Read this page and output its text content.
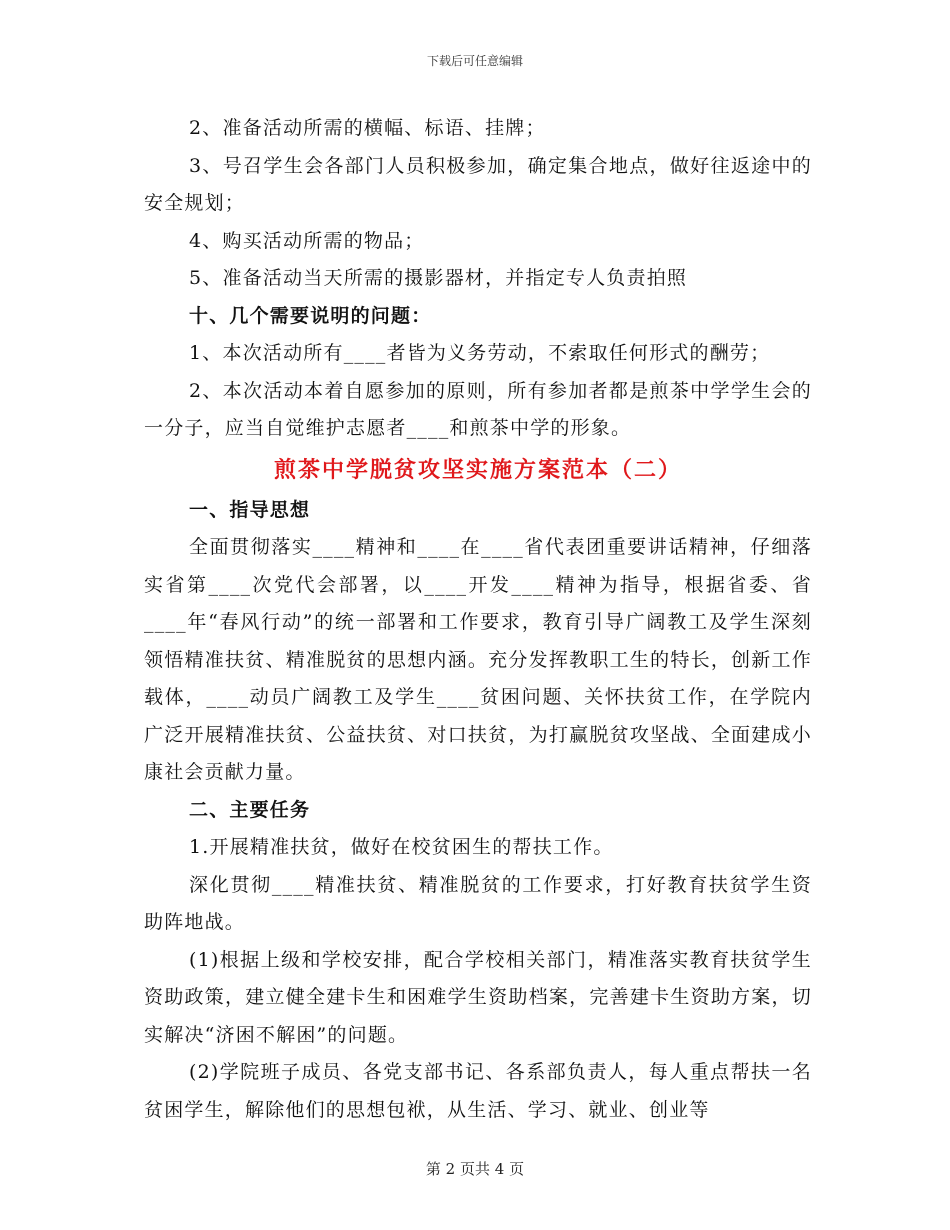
下载后可任意编辑

2、准备活动所需的横幅、标语、挂牌；

3、号召学生会各部门人员积极参加，确定集合地点，做好往返途中的安全规划；

4、购买活动所需的物品；

5、准备活动当天所需的摄影器材，并指定专人负责拍照

十、几个需要说明的问题：

1、本次活动所有____者皆为义务劳动，不索取任何形式的酬劳；

2、本次活动本着自愿参加的原则，所有参加者都是煎茶中学学生会的一分子，应当自觉维护志愿者____和煎茶中学的形象。

煎茶中学脱贫攻坚实施方案范本（二）

一、指导思想

全面贯彻落实____精神和____在____省代表团重要讲话精神，仔细落实省第____次党代会部署，以____开发____精神为指导，根据省委、省____年“春风行动”的统一部署和工作要求，教育引导广阔教工及学生深刻领悟精准扶贫、精准脱贫的思想内涵。充分发挥教职工生的特长，创新工作载体，____动员广阔教工及学生____贫困问题、关怀扶贫工作，在学院内广泛开展精准扶贫、公益扶贫、对口扶贫，为打赢脱贫攻坚战、全面建成小康社会贡献力量。

二、主要任务

1.开展精准扶贫，做好在校贫困生的帮扶工作。

深化贯彻____精准扶贫、精准脱贫的工作要求，打好教育扶贫学生资助阵地战。

(1)根据上级和学校安排，配合学校相关部门，精准落实教育扶贫学生资助政策，建立健全建卡生和困难学生资助档案，完善建卡生资助方案，切实解决“济困不解困”的问题。

(2)学院班子成员、各党支部书记、各系部负责人，每人重点帮扶一名贫困学生，解除他们的思想包袱，从生活、学习、就业、创业等

第 2 页共 4 页
